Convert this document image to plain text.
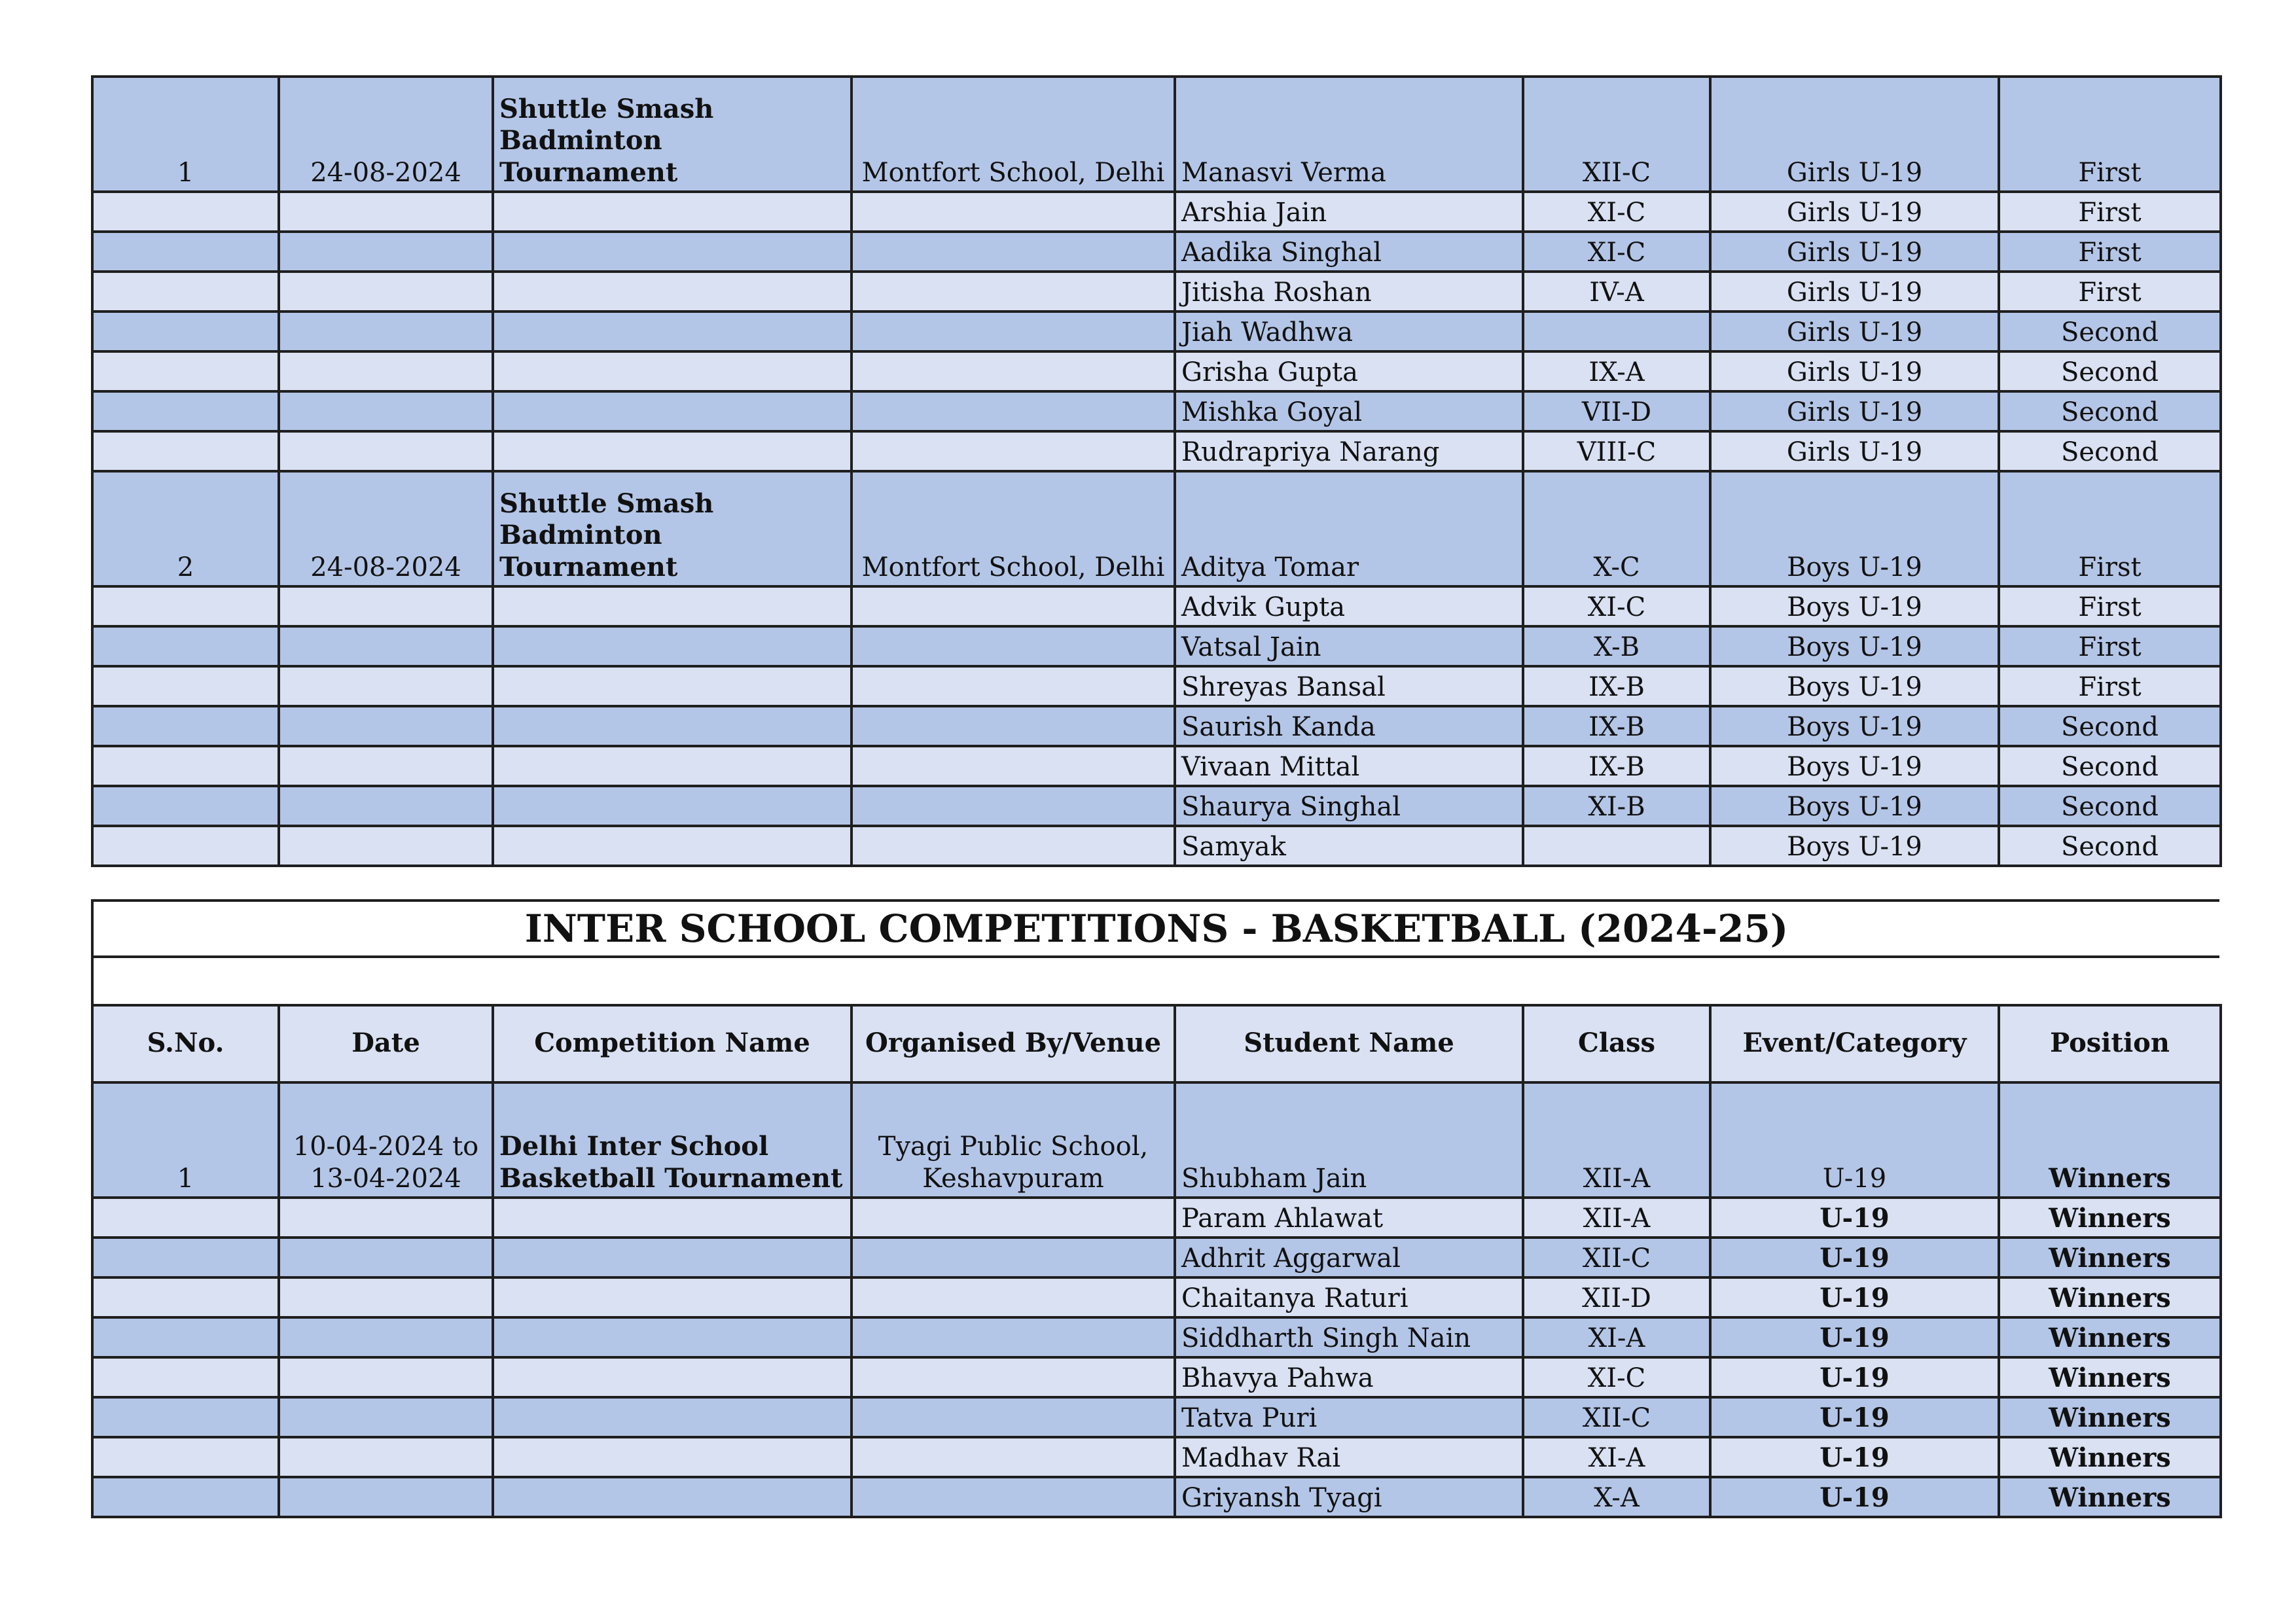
1	24-08-2024	Shuttle Smash
Badminton Tournament	Montfort School, Delhi	Manasvi Verma	XII-C	Girls U-19	First
				Arshia Jain	XI-C	Girls U-19	First
				Aadika Singhal	XI-C	Girls U-19	First
				Jitisha Roshan	IV-A	Girls U-19	First
				Jiah Wadhwa		Girls U-19	Second
				Grisha Gupta	IX-A	Girls U-19	Second
				Mishka Goyal	VII-D	Girls U-19	Second
				Rudrapriya Narang	VIII-C	Girls U-19	Second
2	24-08-2024	Shuttle Smash
Badminton Tournament	Montfort School, Delhi	Aditya Tomar	X-C	Boys U-19	First
				Advik Gupta	XI-C	Boys U-19	First
				Vatsal Jain	X-B	Boys U-19	First
				Shreyas Bansal	IX-B	Boys U-19	First
				Saurish Kanda	IX-B	Boys U-19	Second
				Vivaan Mittal	IX-B	Boys U-19	Second
				Shaurya Singhal	XI-B	Boys U-19	Second
				Samyak		Boys U-19	Second
INTER SCHOOL COMPETITIONS - BASKETBALL (2024-25)
S.No.	Date	Competition Name	Organised By/Venue	Student Name	Class	Event/Category	Position
1	10-04-2024 to
13-04-2024	Delhi Inter School
Basketball Tournament	Tyagi Public School,
Keshavpuram	Shubham Jain	XII-A	U-19	Winners
				Param Ahlawat	XII-A	U-19	Winners
				Adhrit Aggarwal	XII-C	U-19	Winners
				Chaitanya Raturi	XII-D	U-19	Winners
				Siddharth Singh Nain	XI-A	U-19	Winners
				Bhavya Pahwa	XI-C	U-19	Winners
				Tatva Puri	XII-C	U-19	Winners
				Madhav Rai	XI-A	U-19	Winners
				Griyansh Tyagi	X-A	U-19	Winners
